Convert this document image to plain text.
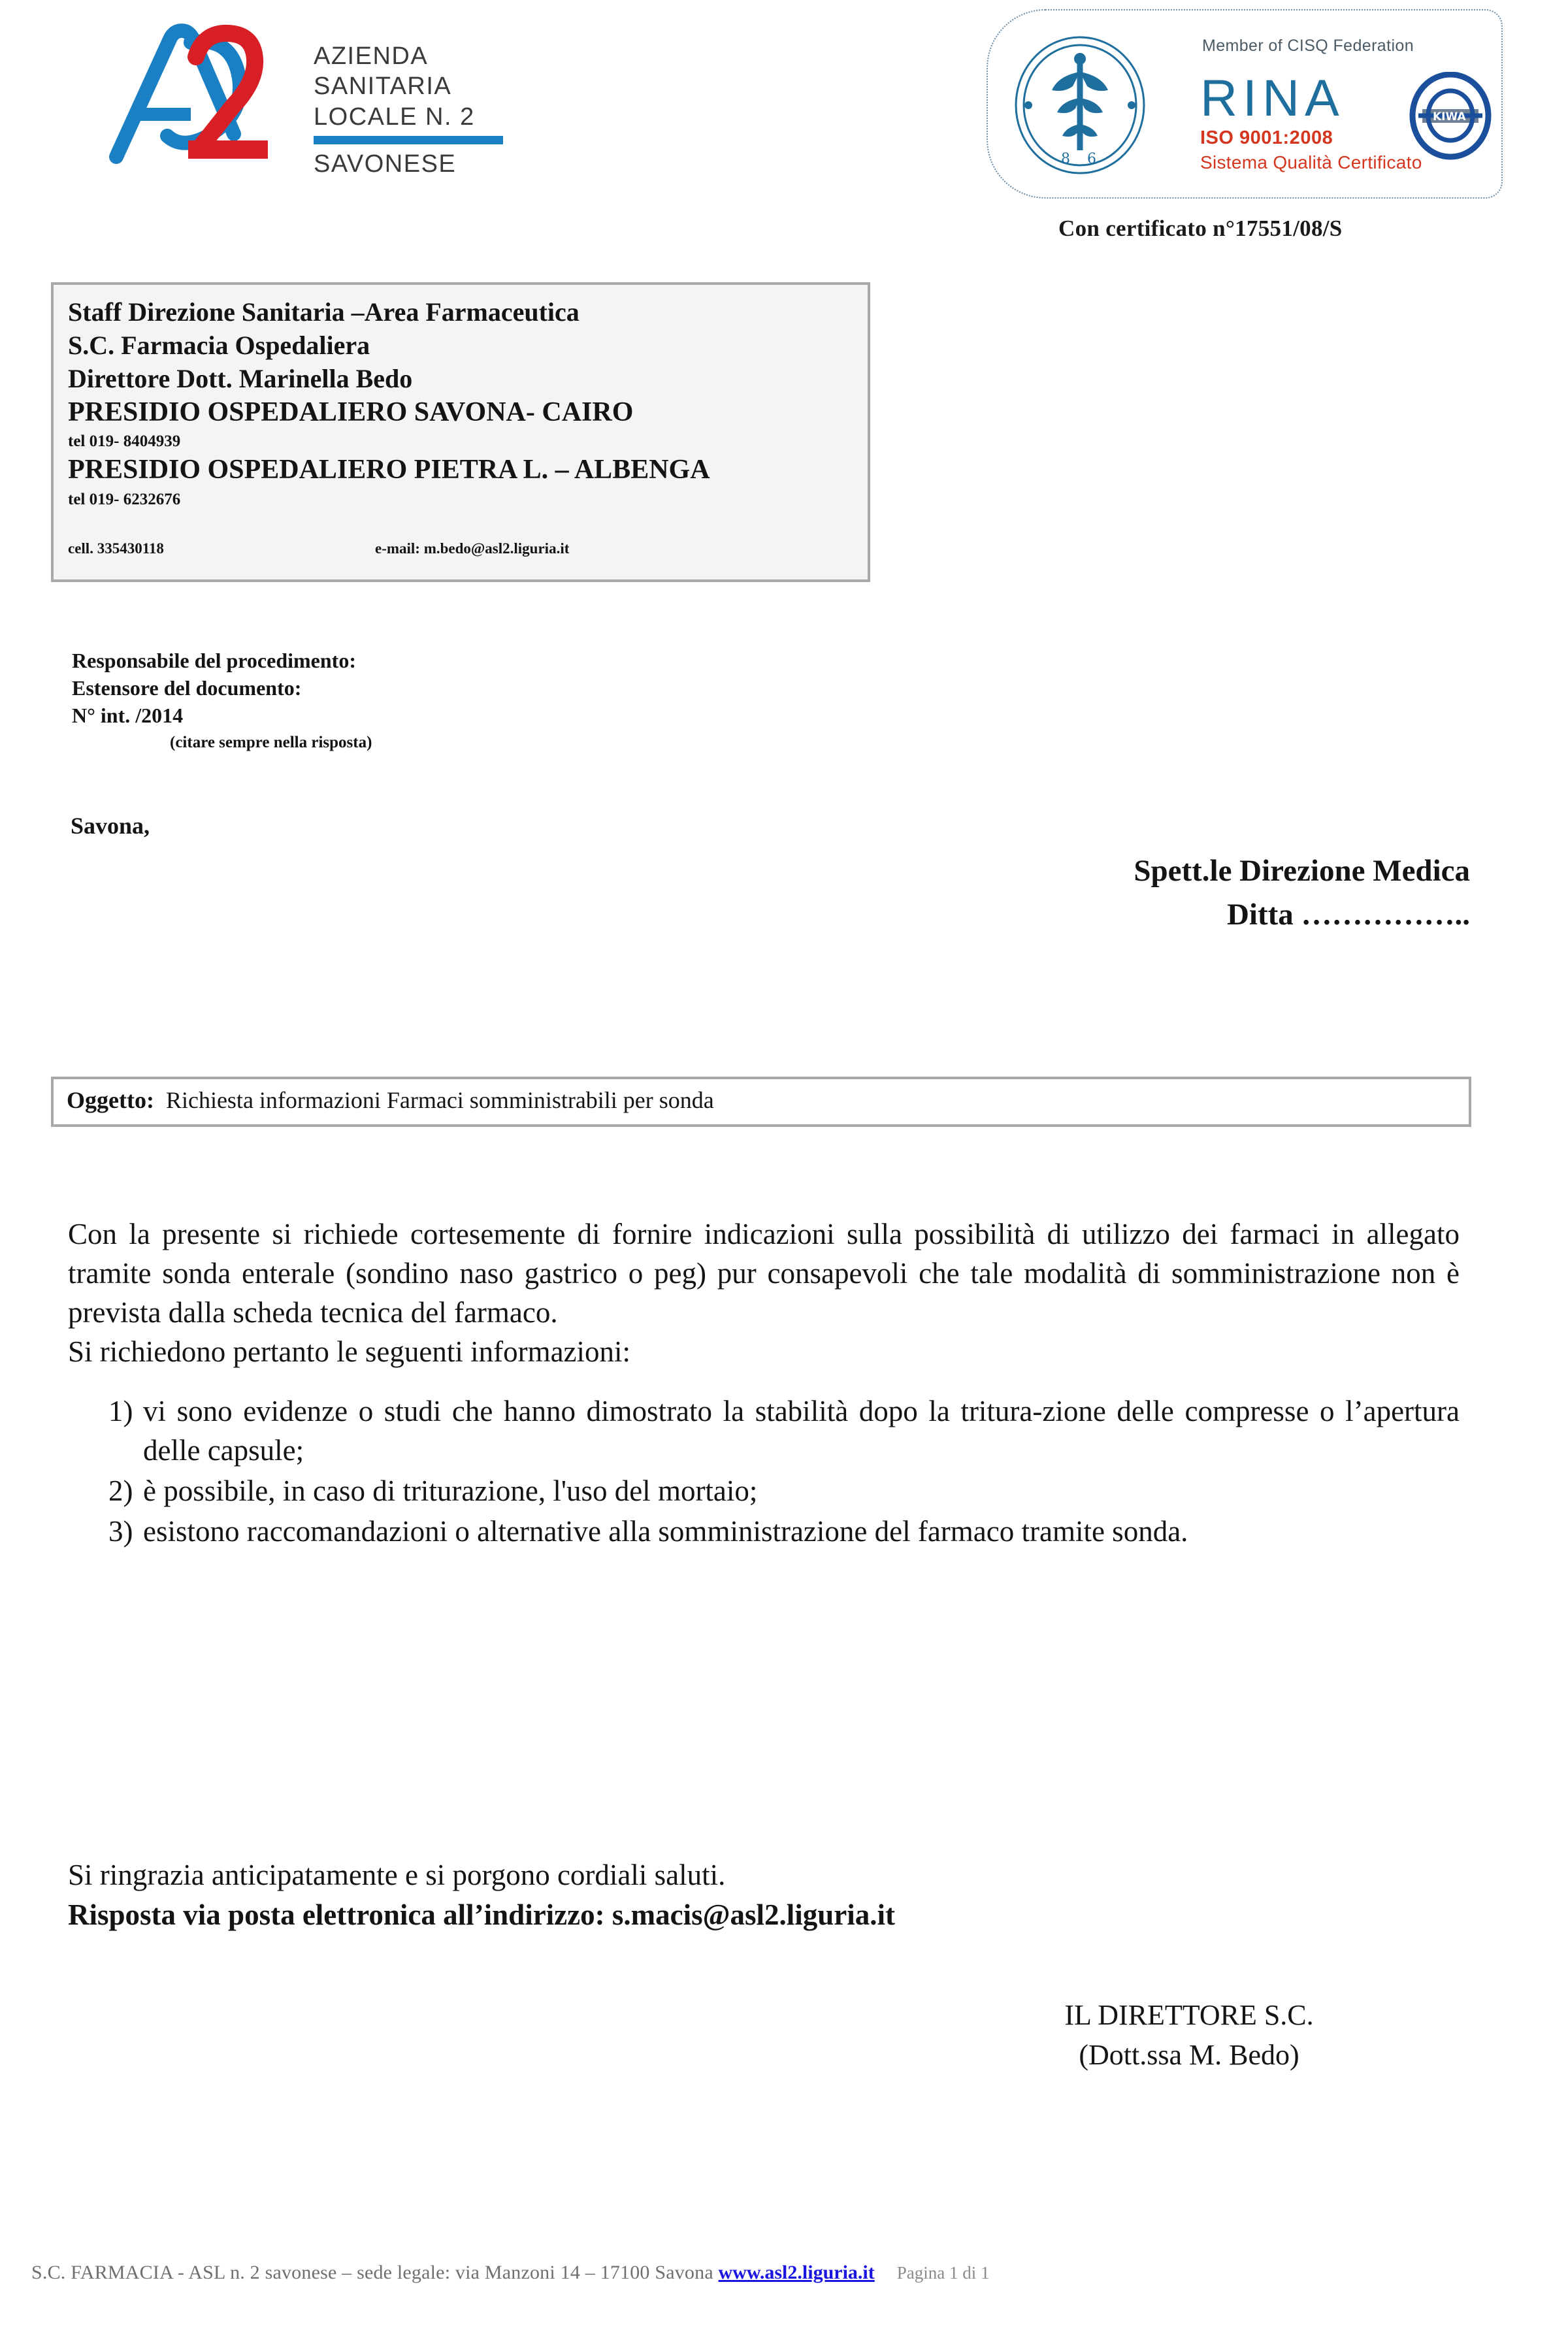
AZIENDA
SANITARIA
LOCALE N. 2
SAVONESE	8 6
Member of CISQ Federation
RINA
ISO 9001:2008
Sistema Qualità Certificato
KIWA
Con certificato n°17551/08/S
Staff Direzione Sanitaria –Area Farmaceutica
S.C. Farmacia Ospedaliera
Direttore Dott. Marinella Bedo
PRESIDIO OSPEDALIERO SAVONA- CAIRO
tel 019- 8404939
PRESIDIO OSPEDALIERO PIETRA L. – ALBENGA
tel 019- 6232676
cell. 335430118	e-mail: m.bedo@asl2.liguria.it
Responsabile del procedimento:
Estensore del documento:
N° int. /2014
(citare sempre nella risposta)
Savona,
Spett.le Direzione Medica
Ditta ……………..
Oggetto: Richiesta informazioni Farmaci somministrabili per sonda

Con la presente si richiede cortesemente di fornire indicazioni sulla possibilità di utilizzo dei farmaci in allegato tramite sonda enterale (sondino naso gastrico o peg) pur consapevoli che tale modalità di somministrazione non è prevista dalla scheda tecnica del farmaco.

Si richiedono pertanto le seguenti informazioni:

1) vi sono evidenze o studi che hanno dimostrato la stabilità dopo la tritura-zione delle compresse o l’apertura delle capsule;
2) è possibile, in caso di triturazione, l'uso del mortaio;
3) esistono raccomandazioni o alternative alla somministrazione del farmaco tramite sonda.
Si ringrazia anticipatamente e si porgono cordiali saluti.
Risposta via posta elettronica all’indirizzo: s.macis@asl2.liguria.it
IL DIRETTORE S.C.
(Dott.ssa M. Bedo)
S.C. FARMACIA - ASL n. 2 savonese – sede legale: via Manzoni 14 – 17100 Savona www.asl2.liguria.it Pagina 1 di 1
